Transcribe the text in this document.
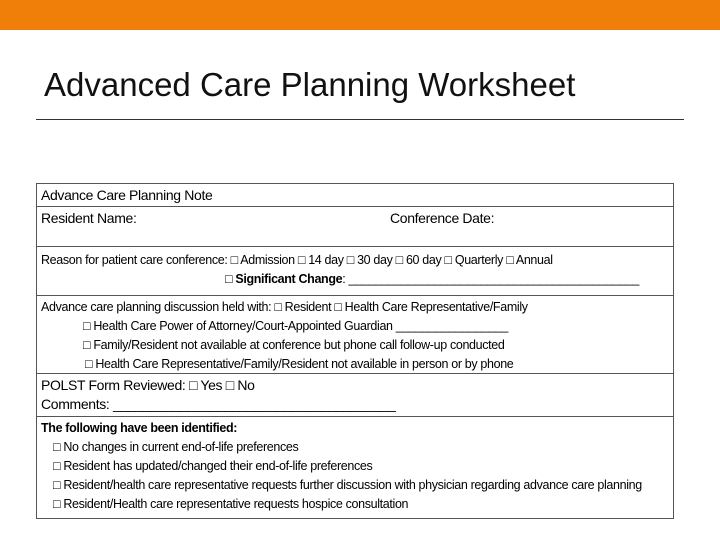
Advanced Care Planning Worksheet
Advance Care Planning Note
Resident Name:	Conference Date:
Reason for patient care conference: □ Admission □ 14 day □ 30 day □ 60 day □ Quarterly □ Annual
□ Significant Change: ____________________________________________
Advance care planning discussion held with: □ Resident □ Health Care Representative/Family
□ Health Care Power of Attorney/Court-Appointed Guardian _________________
□ Family/Resident not available at conference but phone call follow-up conducted
□ Health Care Representative/Family/Resident not available in person or by phone
POLST Form Reviewed: □ Yes □ No
Comments: ______________________________________
The following have been identified:
□ No changes in current end-of-life preferences
□ Resident has updated/changed their end-of-life preferences
□ Resident/health care representative requests further discussion with physician regarding advance care planning
□ Resident/Health care representative requests hospice consultation
